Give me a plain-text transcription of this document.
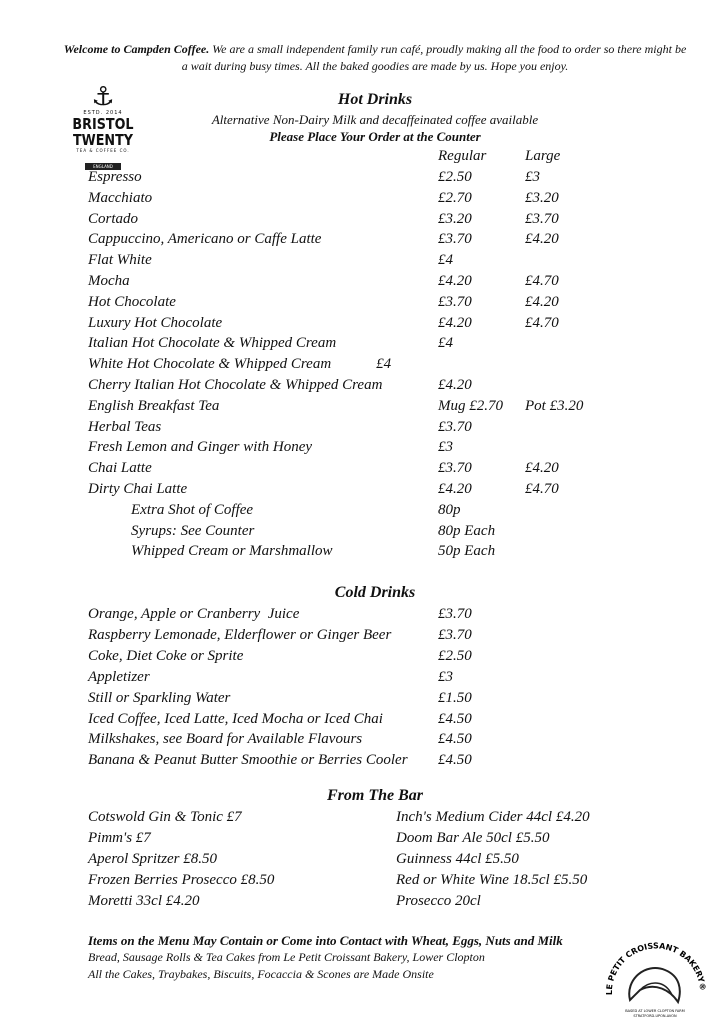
Welcome to Campden Coffee. We are a small independent family run café, proudly making all the food to order so there might be a wait during busy times. All the baked goodies are made by us. Hope you enjoy.
⚓
ESTD. 2014
BRISTOL TWENTY
TEA & COFFEE CO.
ENGLAND
Hot Drinks
Alternative Non-Dairy Milk and decaffeinated coffee available
Please Place Your Order at the Counter
Regular	Large
Espresso	£2.50	£3
Macchiato	£2.70	£3.20
Cortado	£3.20	£3.70
Cappuccino, Americano or Caffe Latte	£3.70	£4.20
Flat White	£4
Mocha	£4.20	£4.70
Hot Chocolate	£3.70	£4.20
Luxury Hot Chocolate	£4.20	£4.70
Italian Hot Chocolate & Whipped Cream	£4
White Hot Chocolate & Whipped Cream            £4
Cherry Italian Hot Chocolate & Whipped Cream	£4.20
English Breakfast Tea	Mug £2.70 Pot £3.20
Herbal Teas	£3.70
Fresh Lemon and Ginger with Honey	£3
Chai Latte	£3.70	£4.20
Dirty Chai Latte	£4.20	£4.70
Extra Shot of Coffee	80p
Syrups: See Counter	80p Each
Whipped Cream or Marshmallow	50p Each
Cold Drinks
Orange, Apple or Cranberry  Juice	£3.70
Raspberry Lemonade, Elderflower or Ginger Beer	£3.70
Coke, Diet Coke or Sprite	£2.50
Appletizer	£3
Still or Sparkling Water	£1.50
Iced Coffee, Iced Latte, Iced Mocha or Iced Chai	£4.50
Milkshakes, see Board for Available Flavours	£4.50
Banana & Peanut Butter Smoothie or Berries Cooler £4.50
From The Bar
Cotswold Gin & Tonic £7
Pimm's £7
Aperol Spritzer £8.50
Frozen Berries Prosecco £8.50
Moretti 33cl £4.20
Inch's Medium Cider 44cl £4.20
Doom Bar Ale 50cl £5.50
Guinness 44cl £5.50
Red or White Wine 18.5cl £5.50
Prosecco 20cl
Items on the Menu May Contain or Come into Contact with Wheat, Eggs, Nuts and Milk
Bread, Sausage Rolls & Tea Cakes from Le Petit Croissant Bakery, Lower Clopton
All the Cakes, Traybakes, Biscuits, Focaccia & Scones are Made Onsite
LE PETIT CROISSANT BAKERY®
BASED AT LOWER CLOPTON FARM
STRATFORD-UPON-AVON
